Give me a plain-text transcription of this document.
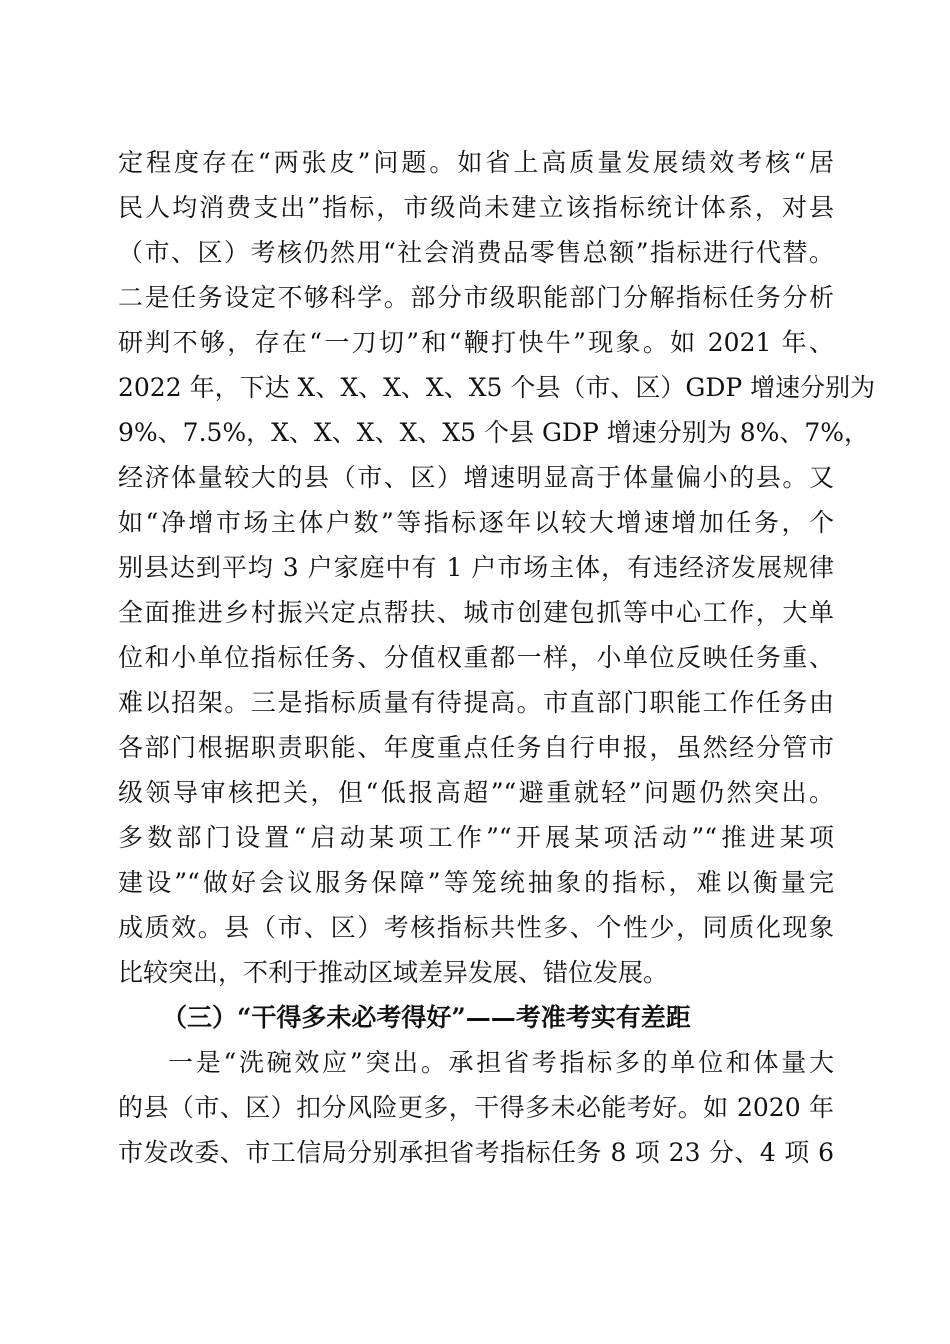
定程度存在“两张皮”问题。如省上高质量发展绩效考核“居
民人均消费支出”指标，市级尚未建立该指标统计体系，对县
（市、区）考核仍然用“社会消费品零售总额”指标进行代替。
二是任务设定不够科学。部分市级职能部门分解指标任务分析
研判不够，存在“一刀切”和“鞭打快牛”现象。如 2021 年、
2022 年，下达 X、X、X、X、X5 个县（市、区）GDP 增速分别为
9%、7.5%，X、X、X、X、X5 个县 GDP 增速分别为 8%、7%，
经济体量较大的县（市、区）增速明显高于体量偏小的县。又
如“净增市场主体户数”等指标逐年以较大增速增加任务，个
别县达到平均 3 户家庭中有 1 户市场主体，有违经济发展规律
全面推进乡村振兴定点帮扶、城市创建包抓等中心工作，大单
位和小单位指标任务、分值权重都一样，小单位反映任务重、
难以招架。三是指标质量有待提高。市直部门职能工作任务由
各部门根据职责职能、年度重点任务自行申报，虽然经分管市
级领导审核把关，但“低报高超”“避重就轻”问题仍然突出。
多数部门设置“启动某项工作”“开展某项活动”“推进某项
建设”“做好会议服务保障”等笼统抽象的指标，难以衡量完
成质效。县（市、区）考核指标共性多、个性少，同质化现象
比较突出，不利于推动区域差异发展、错位发展。
（三）“干得多未必考得好”——考准考实有差距
一是“洗碗效应”突出。承担省考指标多的单位和体量大
的县（市、区）扣分风险更多，干得多未必能考好。如 2020 年
市发改委、市工信局分别承担省考指标任务 8 项 23 分、4 项 6
